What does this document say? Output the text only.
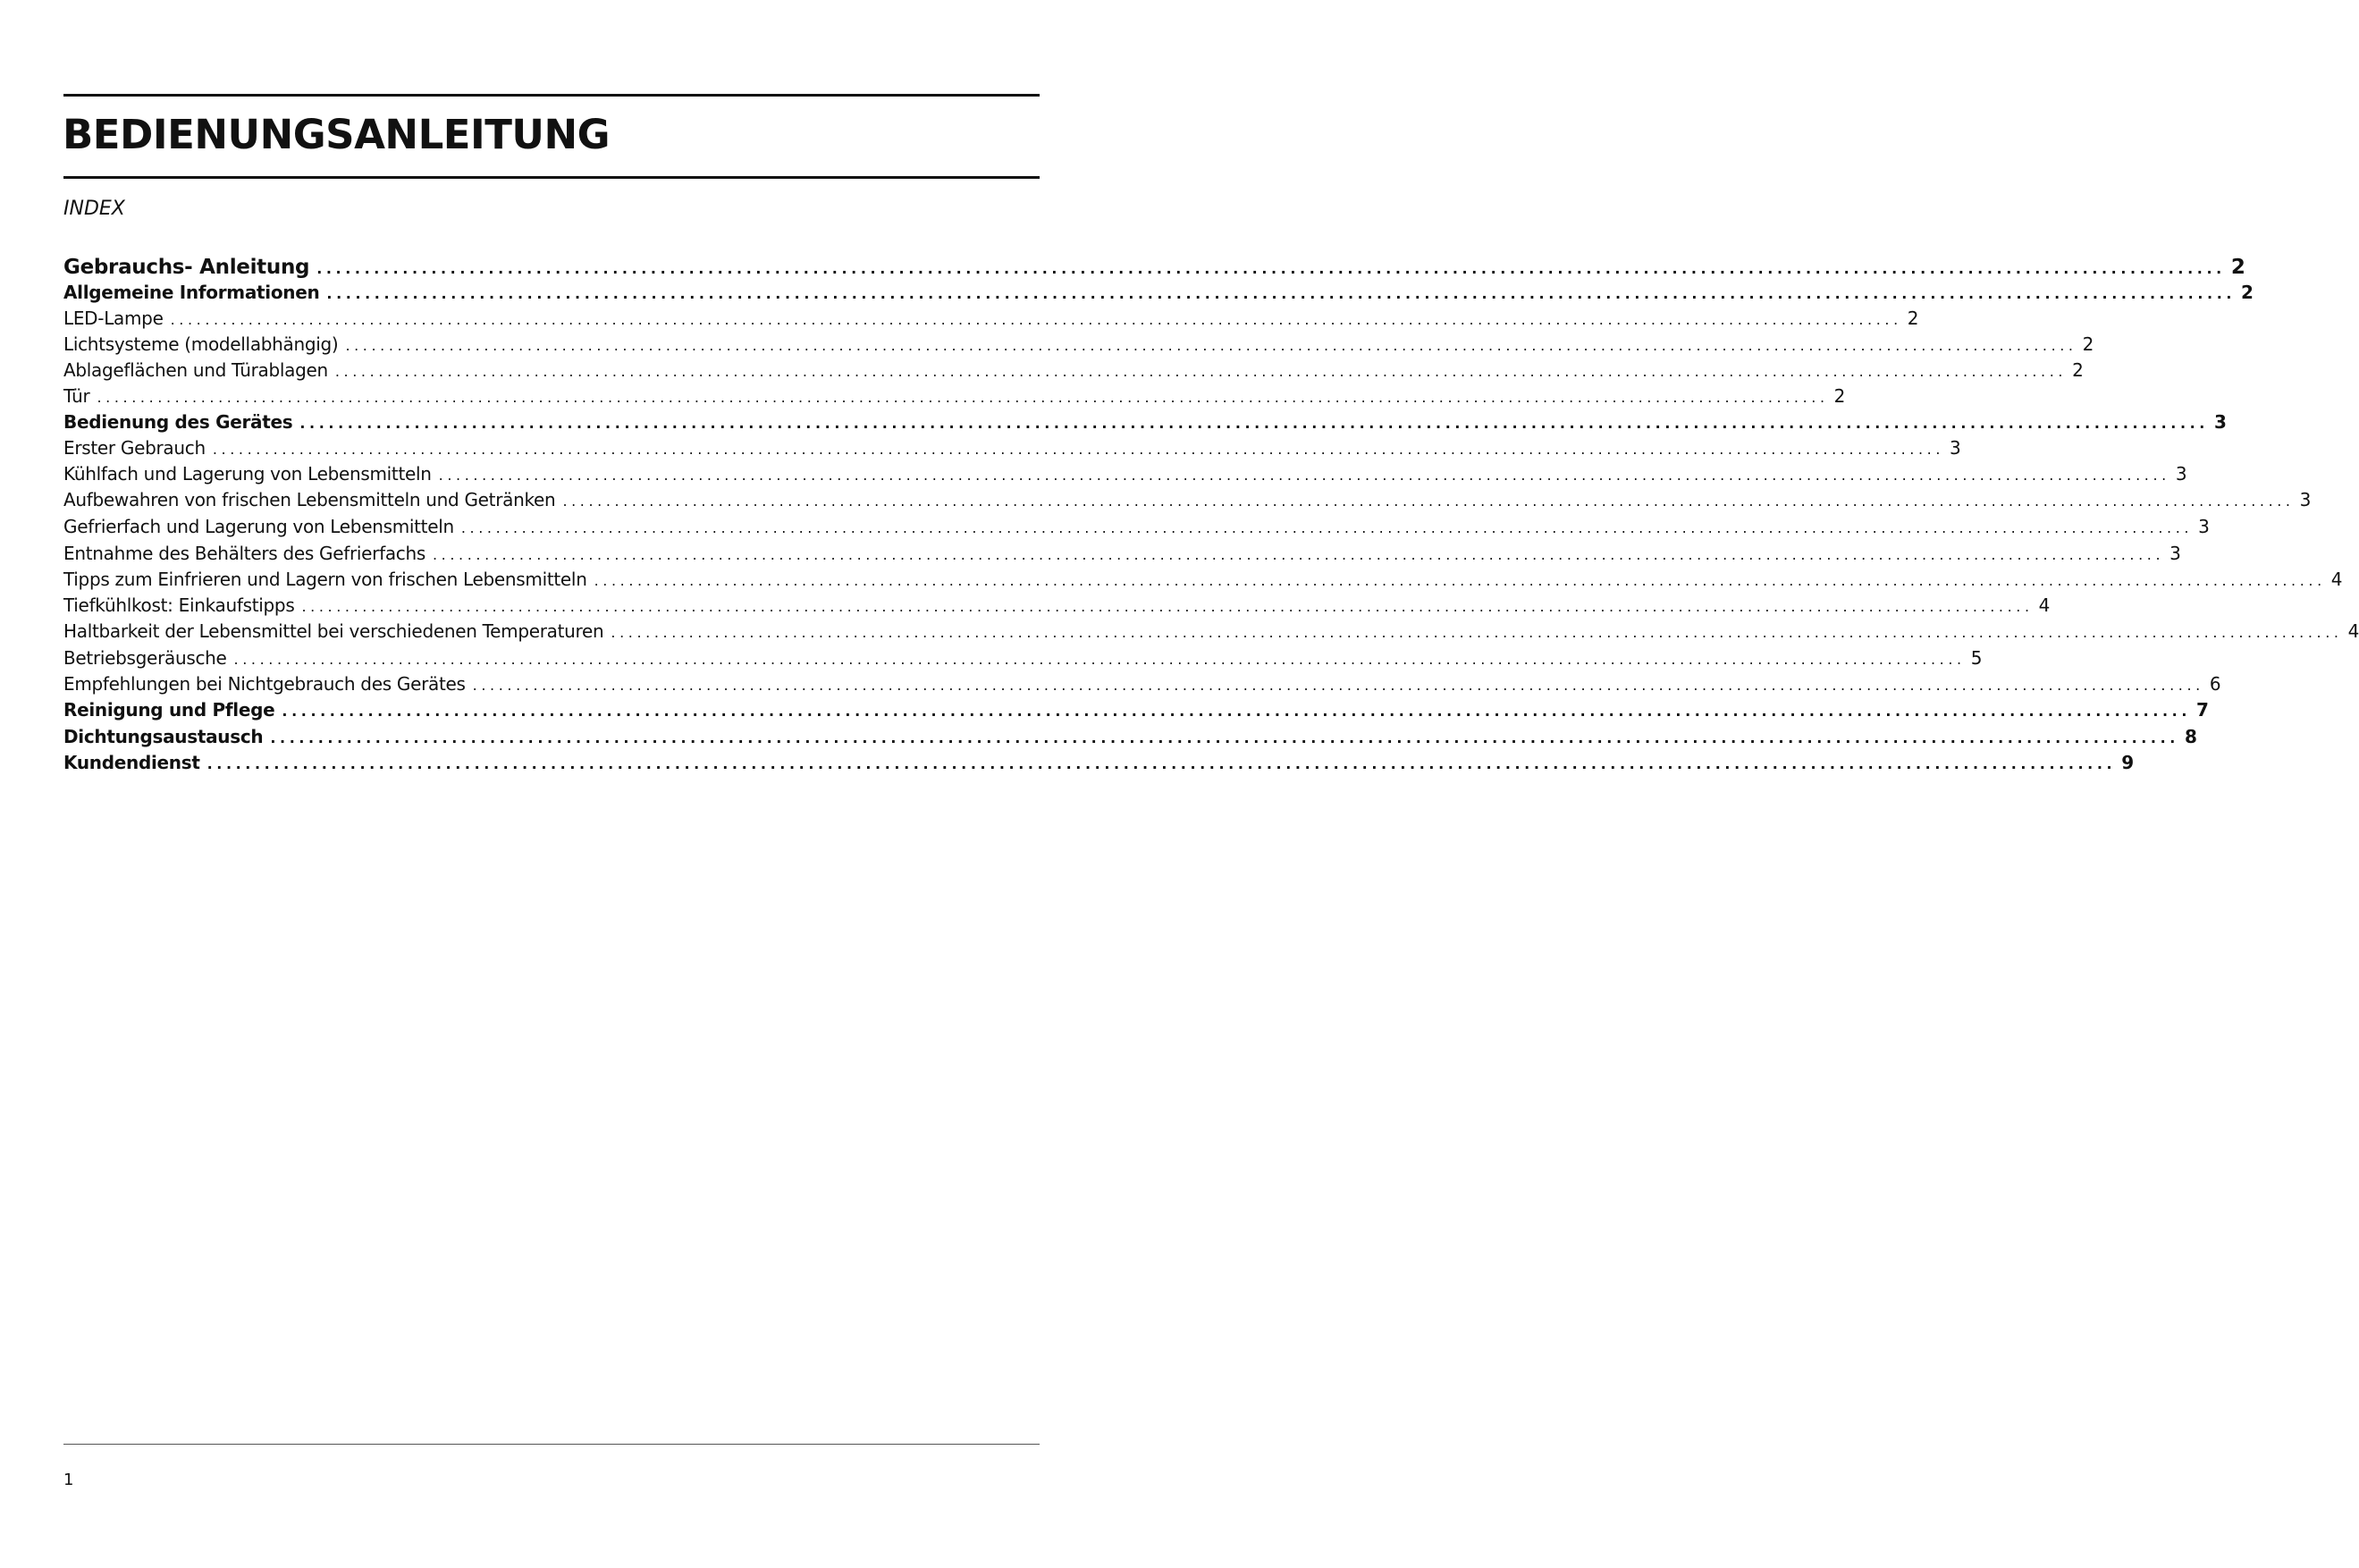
BEDIENUNGSANLEITUNG
INDEX
Gebrauchs- Anleitung ........................................................................................................................................................................................................ 2
Allgemeine Informationen ........................................................................................................................................................................................................ 2
LED-Lampe ........................................................................................................................................................................................................ 2
Lichtsysteme (modellabhängig) ........................................................................................................................................................................................................ 2
Ablageflächen und Türablagen ........................................................................................................................................................................................................ 2
Tür ........................................................................................................................................................................................................ 2
Bedienung des Gerätes ........................................................................................................................................................................................................ 3
Erster Gebrauch ........................................................................................................................................................................................................ 3
Kühlfach und Lagerung von Lebensmitteln ........................................................................................................................................................................................................ 3
Aufbewahren von frischen Lebensmitteln und Getränken ........................................................................................................................................................................................................ 3
Gefrierfach und Lagerung von Lebensmitteln ........................................................................................................................................................................................................ 3
Entnahme des Behälters des Gefrierfachs ........................................................................................................................................................................................................ 3
Tipps zum Einfrieren und Lagern von frischen Lebensmitteln ........................................................................................................................................................................................................ 4
Tiefkühlkost: Einkaufstipps ........................................................................................................................................................................................................ 4
Haltbarkeit der Lebensmittel bei verschiedenen Temperaturen ........................................................................................................................................................................................................ 4
Betriebsgeräusche ........................................................................................................................................................................................................ 5
Empfehlungen bei Nichtgebrauch des Gerätes ........................................................................................................................................................................................................ 6
Reinigung und Pflege ........................................................................................................................................................................................................ 7
Dichtungsaustausch ........................................................................................................................................................................................................ 8
Kundendienst ........................................................................................................................................................................................................ 9
1
